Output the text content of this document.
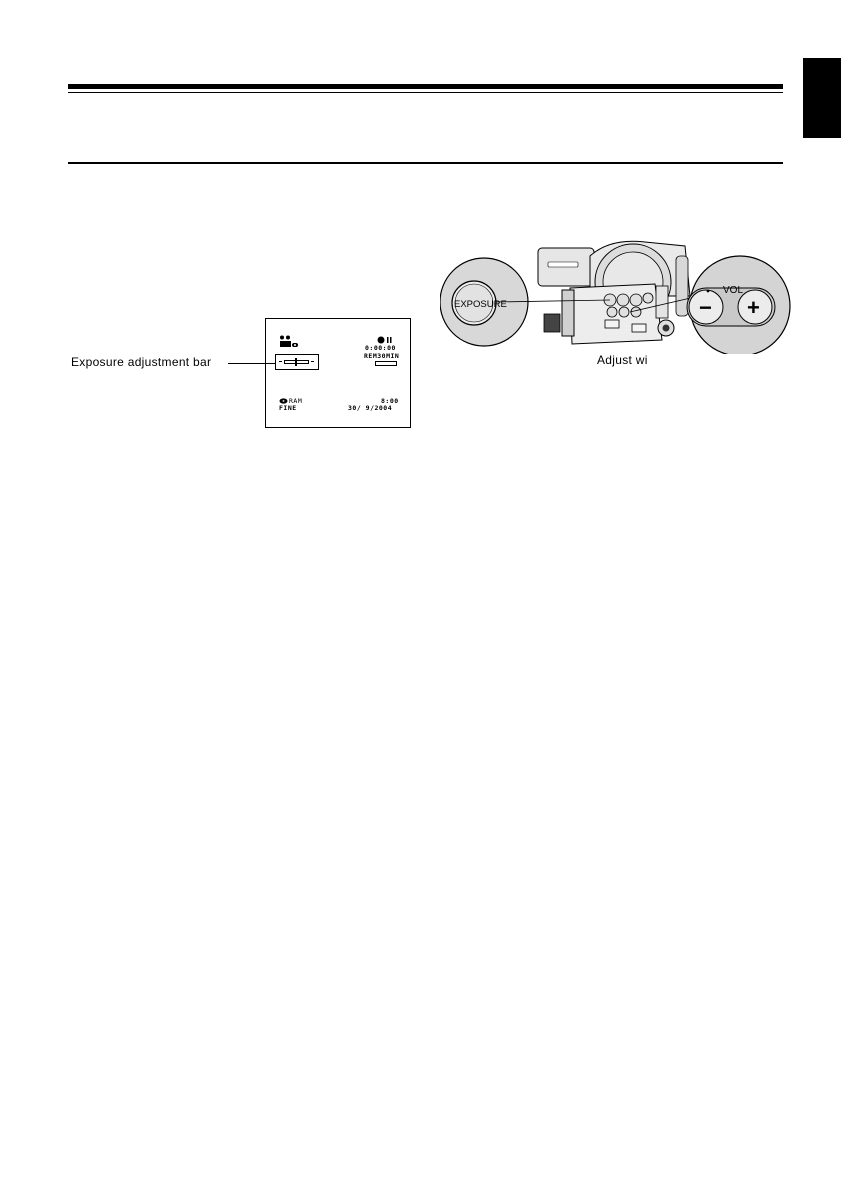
0:00:00
REM30MIN
RAM
FINE
8:00
30/ 9/2004
Exposure adjustment bar	Adjust wi
EXPOSURE
VOL
− +
